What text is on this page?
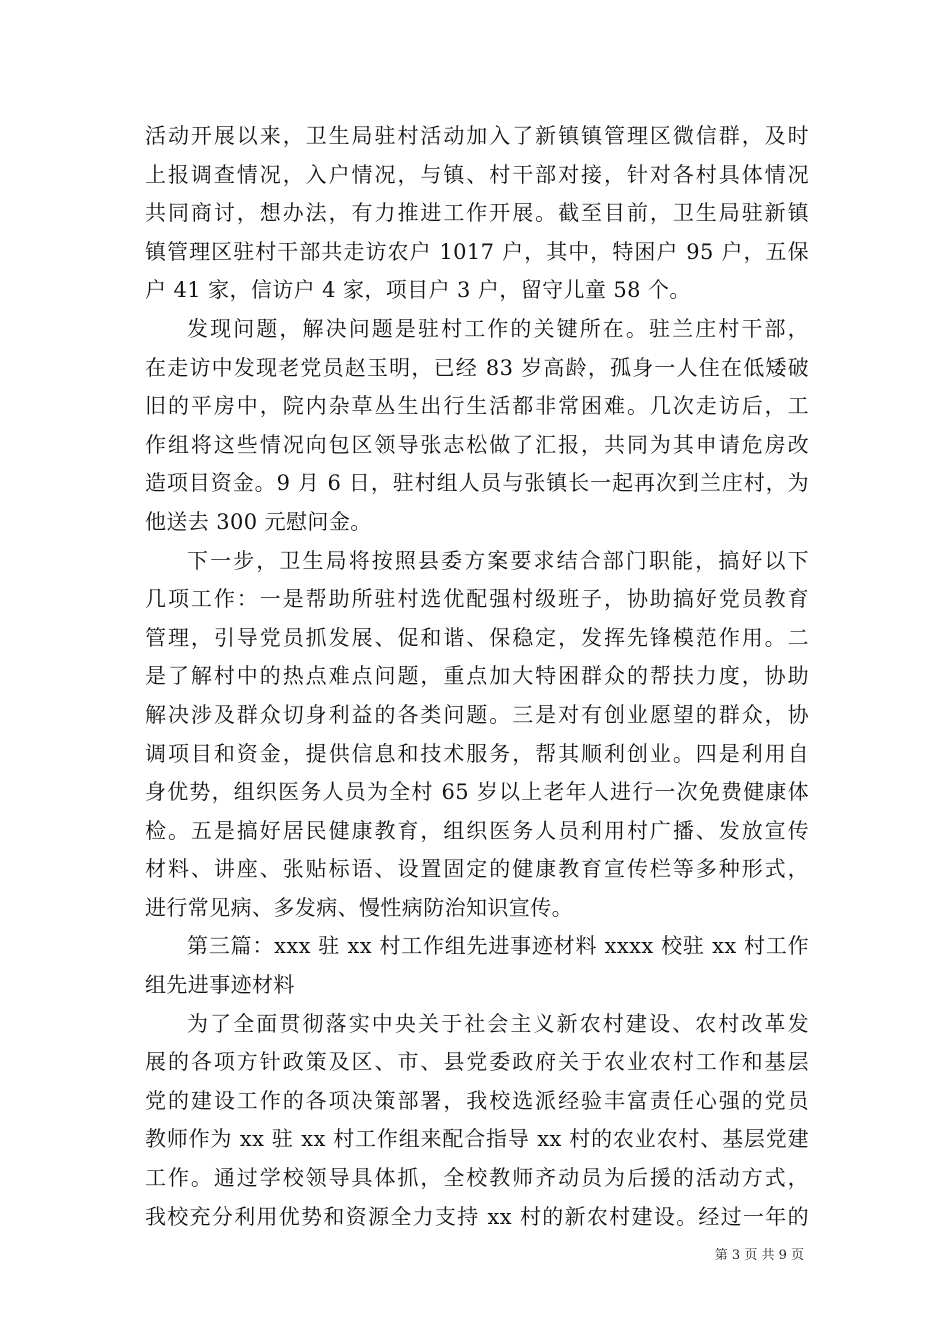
活动开展以来，卫生局驻村活动加入了新镇镇管理区微信群，及时
上报调查情况，入户情况，与镇、村干部对接，针对各村具体情况
共同商讨，想办法，有力推进工作开展。截至目前，卫生局驻新镇
镇管理区驻村干部共走访农户 1017 户，其中，特困户 95 户，五保
户 41 家，信访户 4 家，项目户 3 户，留守儿童 58 个。

发现问题，解决问题是驻村工作的关键所在。驻兰庄村干部，
在走访中发现老党员赵玉明，已经 83 岁高龄，孤身一人住在低矮破
旧的平房中，院内杂草丛生出行生活都非常困难。几次走访后，工
作组将这些情况向包区领导张志松做了汇报，共同为其申请危房改
造项目资金。9 月 6 日，驻村组人员与张镇长一起再次到兰庄村，为
他送去 300 元慰问金。

下一步，卫生局将按照县委方案要求结合部门职能，搞好以下
几项工作：一是帮助所驻村选优配强村级班子，协助搞好党员教育
管理，引导党员抓发展、促和谐、保稳定，发挥先锋模范作用。二
是了解村中的热点难点问题，重点加大特困群众的帮扶力度，协助
解决涉及群众切身利益的各类问题。三是对有创业愿望的群众，协
调项目和资金，提供信息和技术服务，帮其顺利创业。四是利用自
身优势，组织医务人员为全村 65 岁以上老年人进行一次免费健康体
检。五是搞好居民健康教育，组织医务人员利用村广播、发放宣传
材料、讲座、张贴标语、设置固定的健康教育宣传栏等多种形式，
进行常见病、多发病、慢性病防治知识宣传。

第三篇：xxx 驻 xx 村工作组先进事迹材料 xxxx 校驻 xx 村工作
组先进事迹材料

为了全面贯彻落实中央关于社会主义新农村建设、农村改革发
展的各项方针政策及区、市、县党委政府关于农业农村工作和基层
党的建设工作的各项决策部署，我校选派经验丰富责任心强的党员
教师作为 xx 驻 xx 村工作组来配合指导 xx 村的农业农村、基层党建
工作。通过学校领导具体抓，全校教师齐动员为后援的活动方式，
我校充分利用优势和资源全力支持 xx 村的新农村建设。经过一年的

第 3 页 共 9 页
